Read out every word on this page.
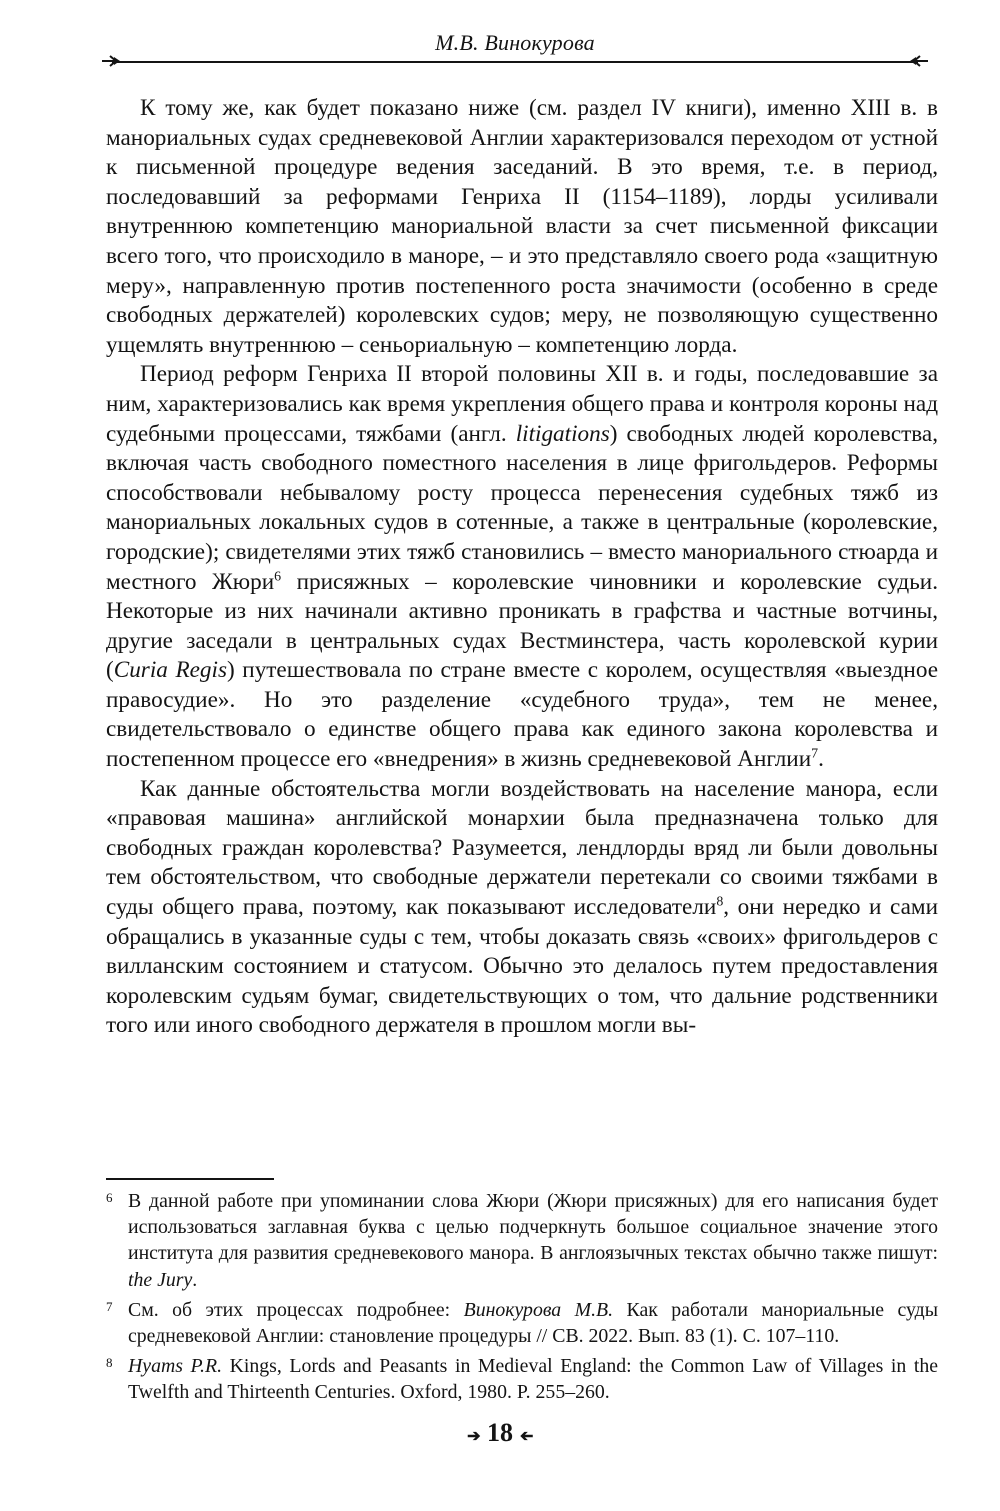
М.В. Винокурова

К тому же, как будет показано ниже (см. раздел IV книги), именно XIII в. в манориальных судах средневековой Англии характеризовался переходом от устной к письменной процедуре ведения заседаний. В это время, т.е. в период, последовавший за реформами Генриха II (1154–1189), лорды усиливали внутреннюю компетенцию манориальной власти за счет письменной фиксации всего того, что происходило в маноре, – и это представляло своего рода «защитную меру», направленную против постепенного роста значимости (особенно в среде свободных держателей) королевских судов; меру, не позволяющую существенно ущемлять внутреннюю – сеньориальную – компетенцию лорда.

Период реформ Генриха II второй половины XII в. и годы, последовавшие за ним, характеризовались как время укрепления общего права и контроля короны над судебными процессами, тяжбами (англ. litigations) свободных людей королевства, включая часть свободного поместного населения в лице фригольдеров. Реформы способствовали небывалому росту процесса перенесения судебных тяжб из манориальных локальных судов в сотенные, а также в центральные (королевские, городские); свидетелями этих тяжб становились – вместо манориального стюарда и местного Жюри$^6$ присяжных – королевские чиновники и королевские судьи. Некоторые из них начинали активно проникать в графства и частные вотчины, другие заседали в центральных судах Вестминстера, часть королевской курии (Curia Regis) путешествовала по стране вместе с королем, осуществляя «выездное правосудие». Но это разделение «судебного труда», тем не менее, свидетельствовало о единстве общего права как единого закона королевства и постепенном процессе его «внедрения» в жизнь средневековой Англии$^7$.

Как данные обстоятельства могли воздействовать на население манора, если «правовая машина» английской монархии была предназначена только для свободных граждан королевства? Разумеется, лендлорды вряд ли были довольны тем обстоятельством, что свободные держатели перетекали со своими тяжбами в суды общего права, поэтому, как показывают исследователи$^8$, они нередко и сами обращались в указанные суды с тем, чтобы доказать связь «своих» фригольдеров с вилланским состоянием и статусом. Обычно это делалось путем предоставления королевским судьям бумаг, свидетельствующих о том, что дальние родственники того или иного свободного держателя в прошлом могли вы-

6 В данной работе при упоминании слова Жюри (Жюри присяжных) для его написания будет использоваться заглавная буква с целью подчеркнуть большое социальное значение этого института для развития средневекового манора. В англоязычных текстах обычно также пишут: the Jury.
7 См. об этих процессах подробнее: Винокурова М.В. Как работали манориальные суды средневековой Англии: становление процедуры // СВ. 2022. Вып. 83 (1). С. 107–110.
8 Hyams P.R. Kings, Lords and Peasants in Medieval England: the Common Law of Villages in the Twelfth and Thirteenth Centuries. Oxford, 1980. P. 255–260.
➔ 18 ➔
